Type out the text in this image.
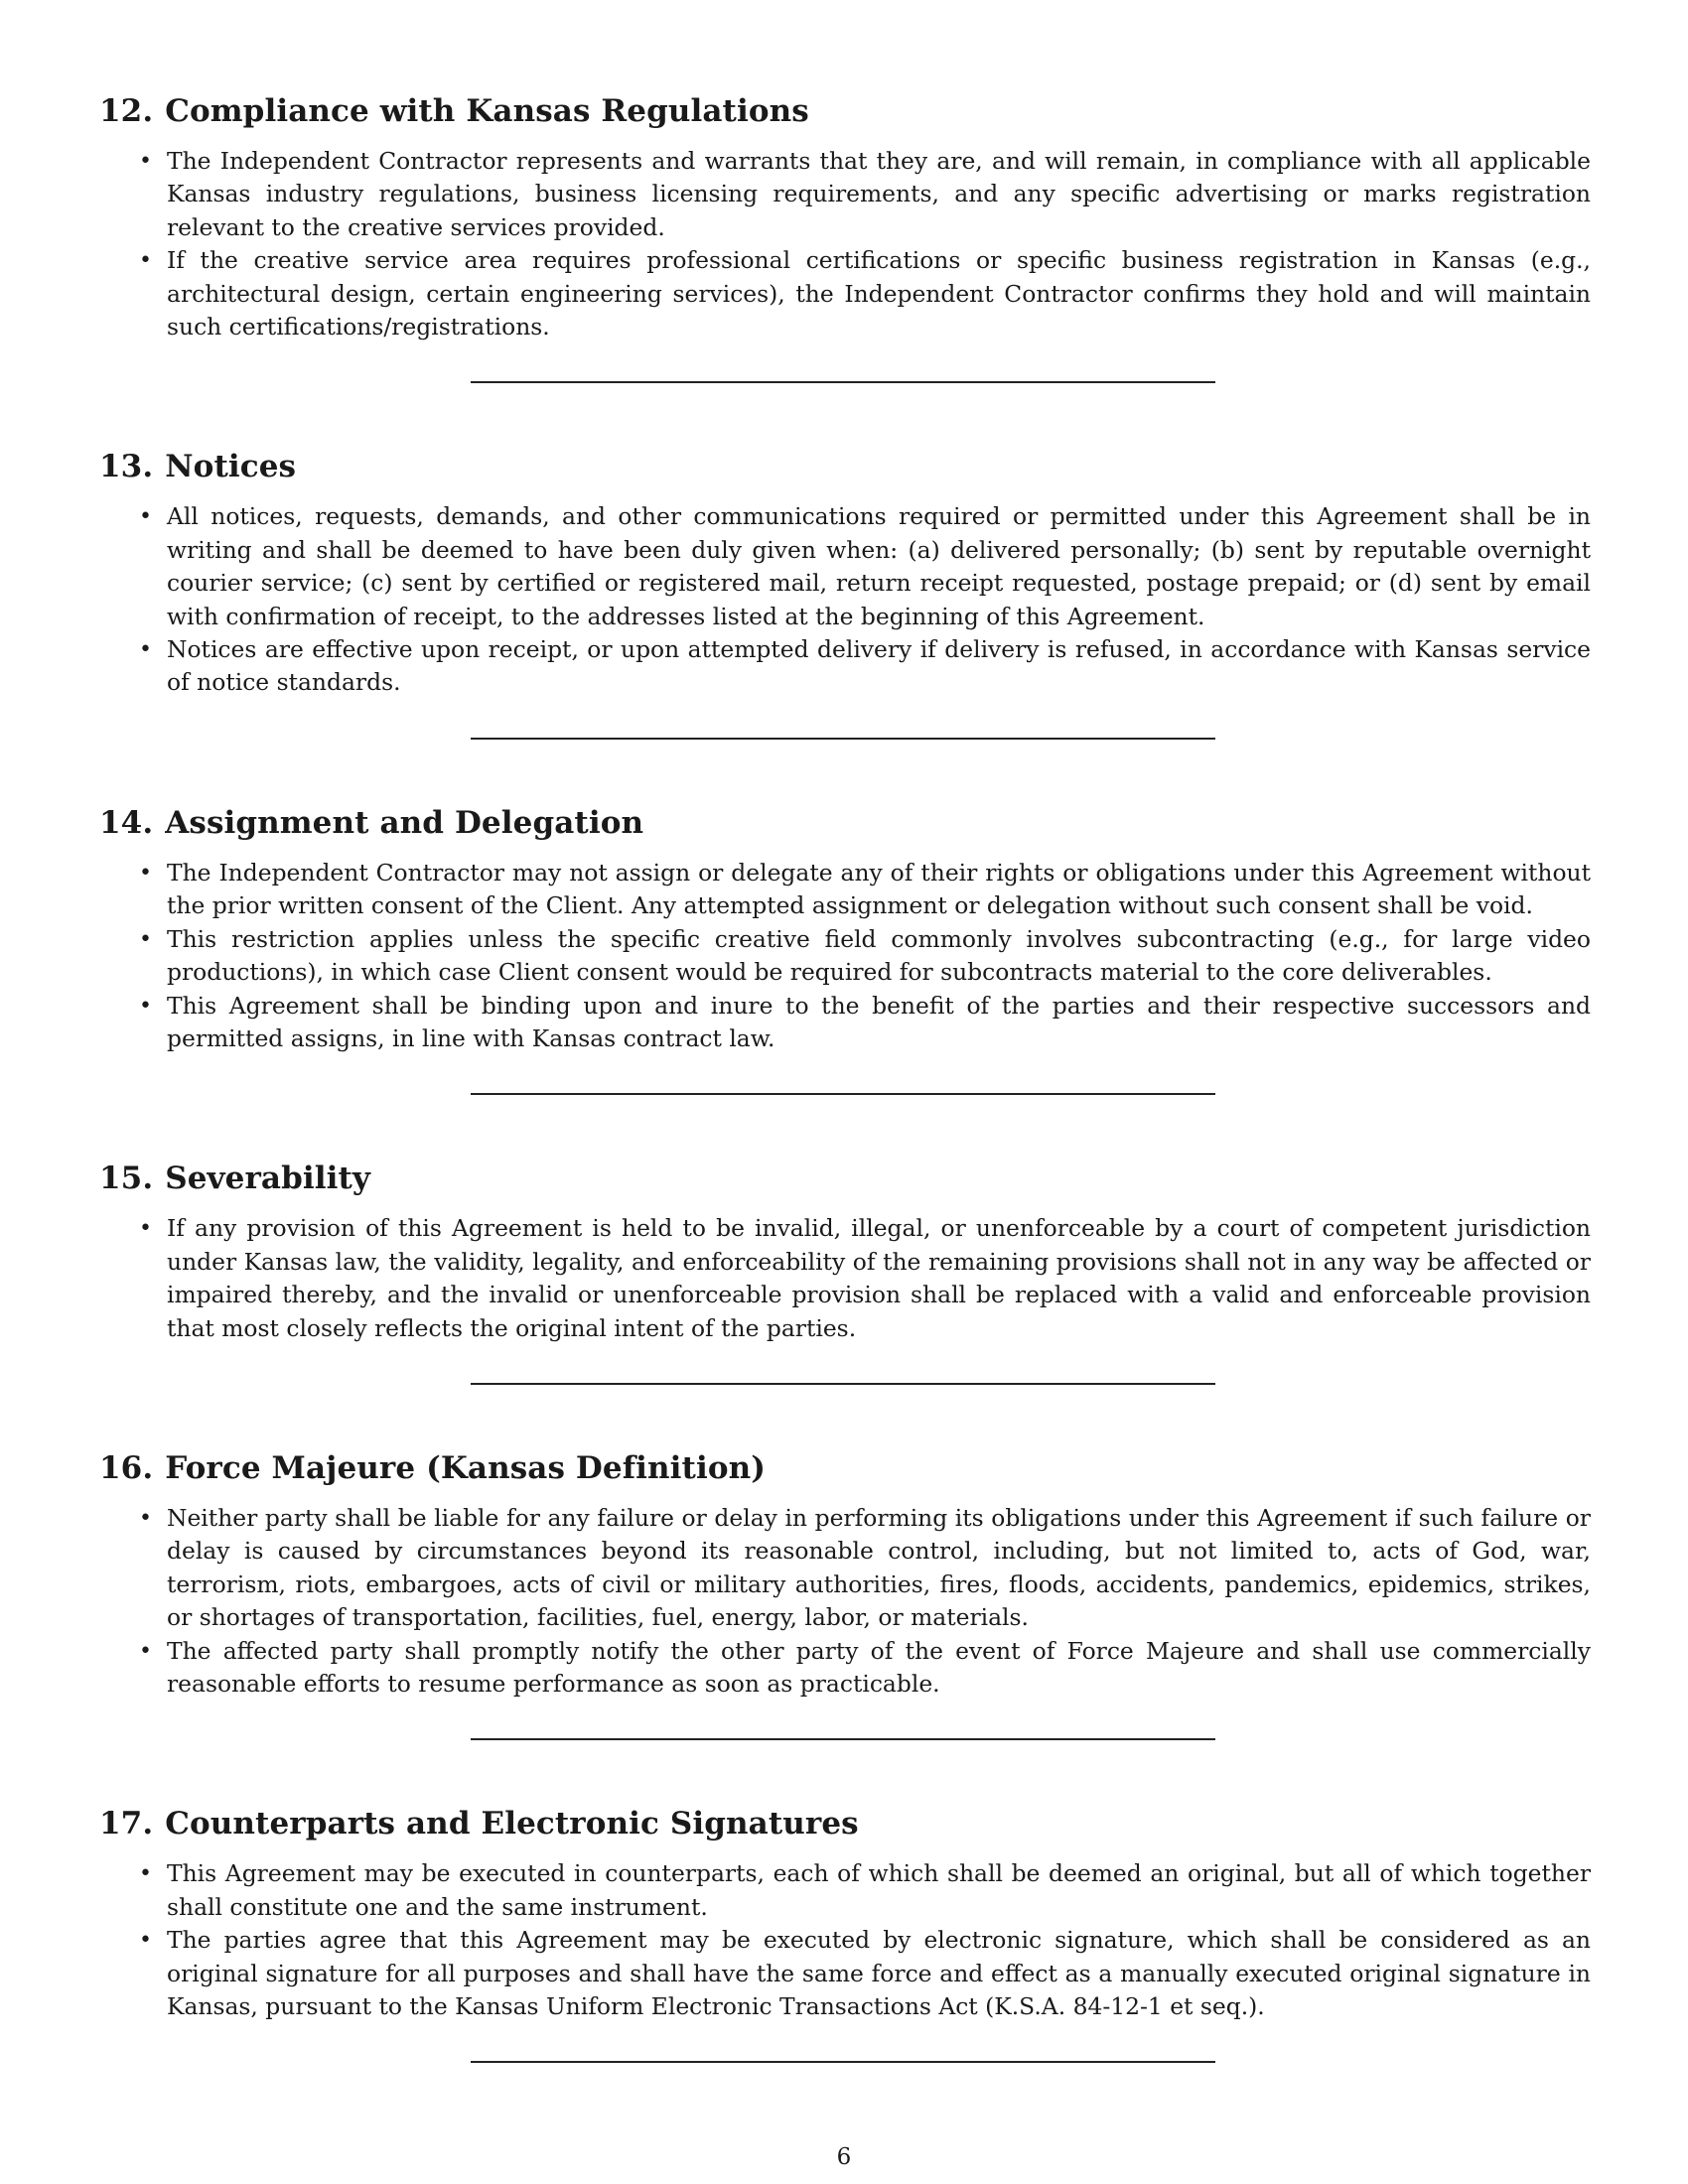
12. Compliance with Kansas Regulations
• The Independent Contractor represents and warrants that they are, and will remain, in compliance with all applicable Kansas industry regulations, business licensing requirements, and any specific advertising or marks registration relevant to the creative services provided.
• If the creative service area requires professional certifications or specific business registration in Kansas (e.g., architectural design, certain engineering services), the Independent Contractor confirms they hold and will maintain such certifications/registrations.
13. Notices
• All notices, requests, demands, and other communications required or permitted under this Agreement shall be in writing and shall be deemed to have been duly given when: (a) delivered personally; (b) sent by reputable overnight courier service; (c) sent by certified or registered mail, return receipt requested, postage prepaid; or (d) sent by email with confirmation of receipt, to the addresses listed at the beginning of this Agreement.
• Notices are effective upon receipt, or upon attempted delivery if delivery is refused, in accordance with Kansas service of notice standards.
14. Assignment and Delegation
• The Independent Contractor may not assign or delegate any of their rights or obligations under this Agreement without the prior written consent of the Client. Any attempted assignment or delegation without such consent shall be void.
• This restriction applies unless the specific creative field commonly involves subcontracting (e.g., for large video productions), in which case Client consent would be required for subcontracts material to the core deliverables.
• This Agreement shall be binding upon and inure to the benefit of the parties and their respective successors and permitted assigns, in line with Kansas contract law.
15. Severability
• If any provision of this Agreement is held to be invalid, illegal, or unenforceable by a court of competent jurisdiction under Kansas law, the validity, legality, and enforceability of the remaining provisions shall not in any way be affected or impaired thereby, and the invalid or unenforceable provision shall be replaced with a valid and enforceable provision that most closely reflects the original intent of the parties.
16. Force Majeure (Kansas Definition)
• Neither party shall be liable for any failure or delay in performing its obligations under this Agreement if such failure or delay is caused by circumstances beyond its reasonable control, including, but not limited to, acts of God, war, terrorism, riots, embargoes, acts of civil or military authorities, fires, floods, accidents, pandemics, epidemics, strikes, or shortages of transportation, facilities, fuel, energy, labor, or materials.
• The affected party shall promptly notify the other party of the event of Force Majeure and shall use commercially reasonable efforts to resume performance as soon as practicable.
17. Counterparts and Electronic Signatures
• This Agreement may be executed in counterparts, each of which shall be deemed an original, but all of which together shall constitute one and the same instrument.
• The parties agree that this Agreement may be executed by electronic signature, which shall be considered as an original signature for all purposes and shall have the same force and effect as a manually executed original signature in Kansas, pursuant to the Kansas Uniform Electronic Transactions Act (K.S.A. 84-12-1 et seq.).
6
